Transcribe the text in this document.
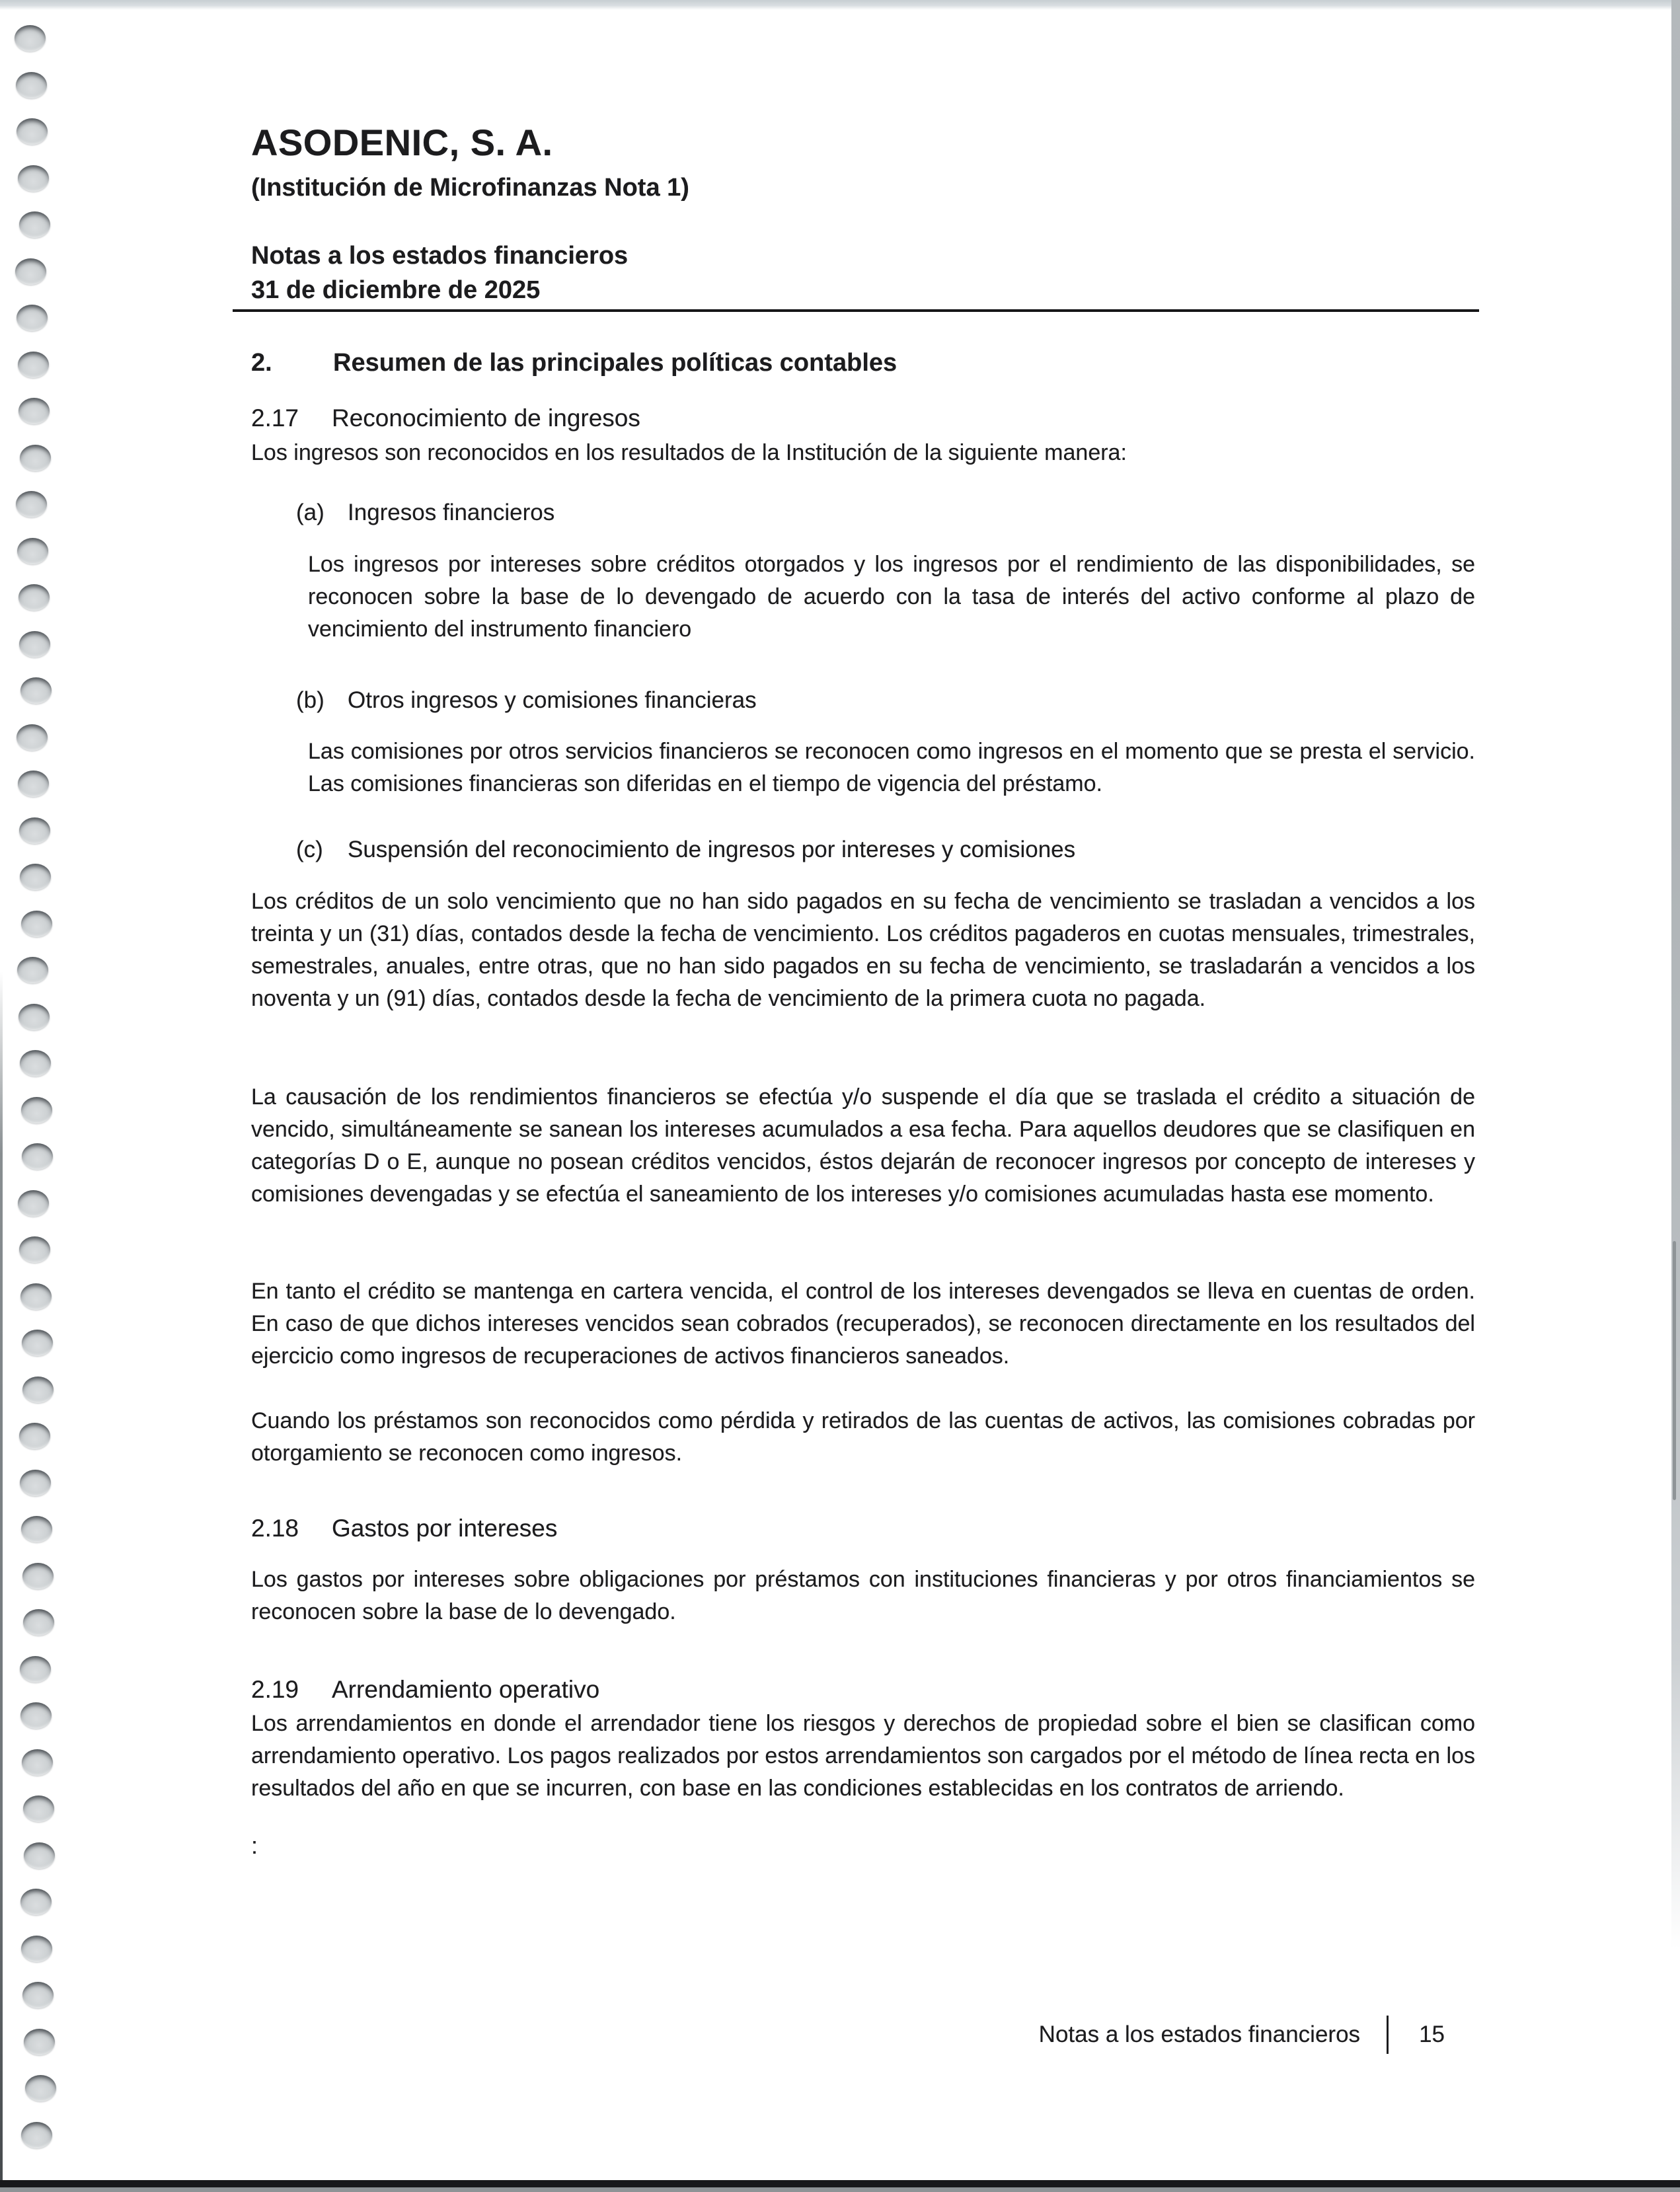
ASODENIC, S. A.
(Institución de Microfinanzas Nota 1)
Notas a los estados financieros
31 de diciembre de 2025
2.	Resumen de las principales políticas contables
2.17	Reconocimiento de ingresos
Los ingresos son reconocidos en los resultados de la Institución de la siguiente manera:
(a)	Ingresos financieros
Los ingresos por intereses sobre créditos otorgados y los ingresos por el rendimiento de las disponibilidades, se reconocen sobre la base de lo devengado de acuerdo con la tasa de interés del activo conforme al plazo de vencimiento del instrumento financiero
(b)	Otros ingresos y comisiones financieras
Las comisiones por otros servicios financieros se reconocen como ingresos en el momento que se presta el servicio. Las comisiones financieras son diferidas en el tiempo de vigencia del préstamo.
(c)	Suspensión del reconocimiento de ingresos por intereses y comisiones
Los créditos de un solo vencimiento que no han sido pagados en su fecha de vencimiento se trasladan a vencidos a los treinta y un (31) días, contados desde la fecha de vencimiento. Los créditos pagaderos en cuotas mensuales, trimestrales, semestrales, anuales, entre otras, que no han sido pagados en su fecha de vencimiento, se trasladarán a vencidos a los noventa y un (91) días, contados desde la fecha de vencimiento de la primera cuota no pagada.
La causación de los rendimientos financieros se efectúa y/o suspende el día que se traslada el crédito a situación de vencido, simultáneamente se sanean los intereses acumulados a esa fecha. Para aquellos deudores que se clasifiquen en categorías D o E, aunque no posean créditos vencidos, éstos dejarán de reconocer ingresos por concepto de intereses y comisiones devengadas y se efectúa el saneamiento de los intereses y/o comisiones acumuladas hasta ese momento.
En tanto el crédito se mantenga en cartera vencida, el control de los intereses devengados se lleva en cuentas de orden. En caso de que dichos intereses vencidos sean cobrados (recuperados), se reconocen directamente en los resultados del ejercicio como ingresos de recuperaciones de activos financieros saneados.
Cuando los préstamos son reconocidos como pérdida y retirados de las cuentas de activos, las comisiones cobradas por otorgamiento se reconocen como ingresos.
2.18	Gastos por intereses
Los gastos por intereses sobre obligaciones por préstamos con instituciones financieras y por otros financiamientos se reconocen sobre la base de lo devengado.
2.19	Arrendamiento operativo
Los arrendamientos en donde el arrendador tiene los riesgos y derechos de propiedad sobre el bien se clasifican como arrendamiento operativo. Los pagos realizados por estos arrendamientos son cargados por el método de línea recta en los resultados del año en que se incurren, con base en las condiciones establecidas en los contratos de arriendo.
:
Notas a los estados financieros	15
